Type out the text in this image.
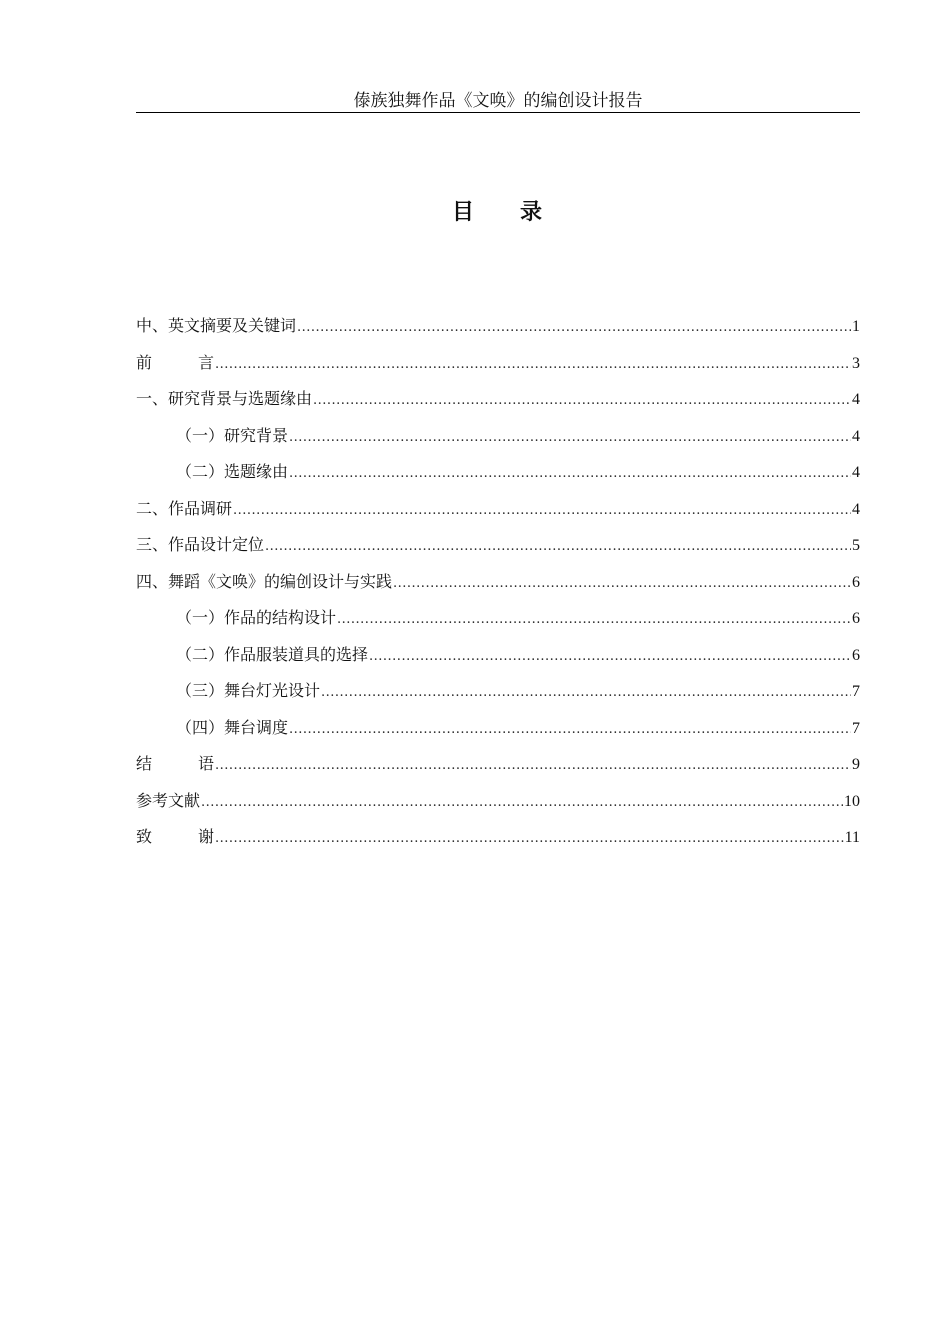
傣族独舞作品《文唤》的编创设计报告
目 录
中、英文摘要及关键词 .....	1
前	言 .....	3
一、研究背景与选题缘由 .....	4
（一）研究背景 .....	4
（二）选题缘由 .....	4
二、作品调研 .....	4
三、作品设计定位 .....	5
四、舞蹈《文唤》的编创设计与实践 .....	6
（一）作品的结构设计 .....	6
（二）作品服装道具的选择 .....	6
（三）舞台灯光设计 .....	7
（四）舞台调度 .....	7
结	语 .....	9
参考文献 .....	10
致	谢 .....	11
